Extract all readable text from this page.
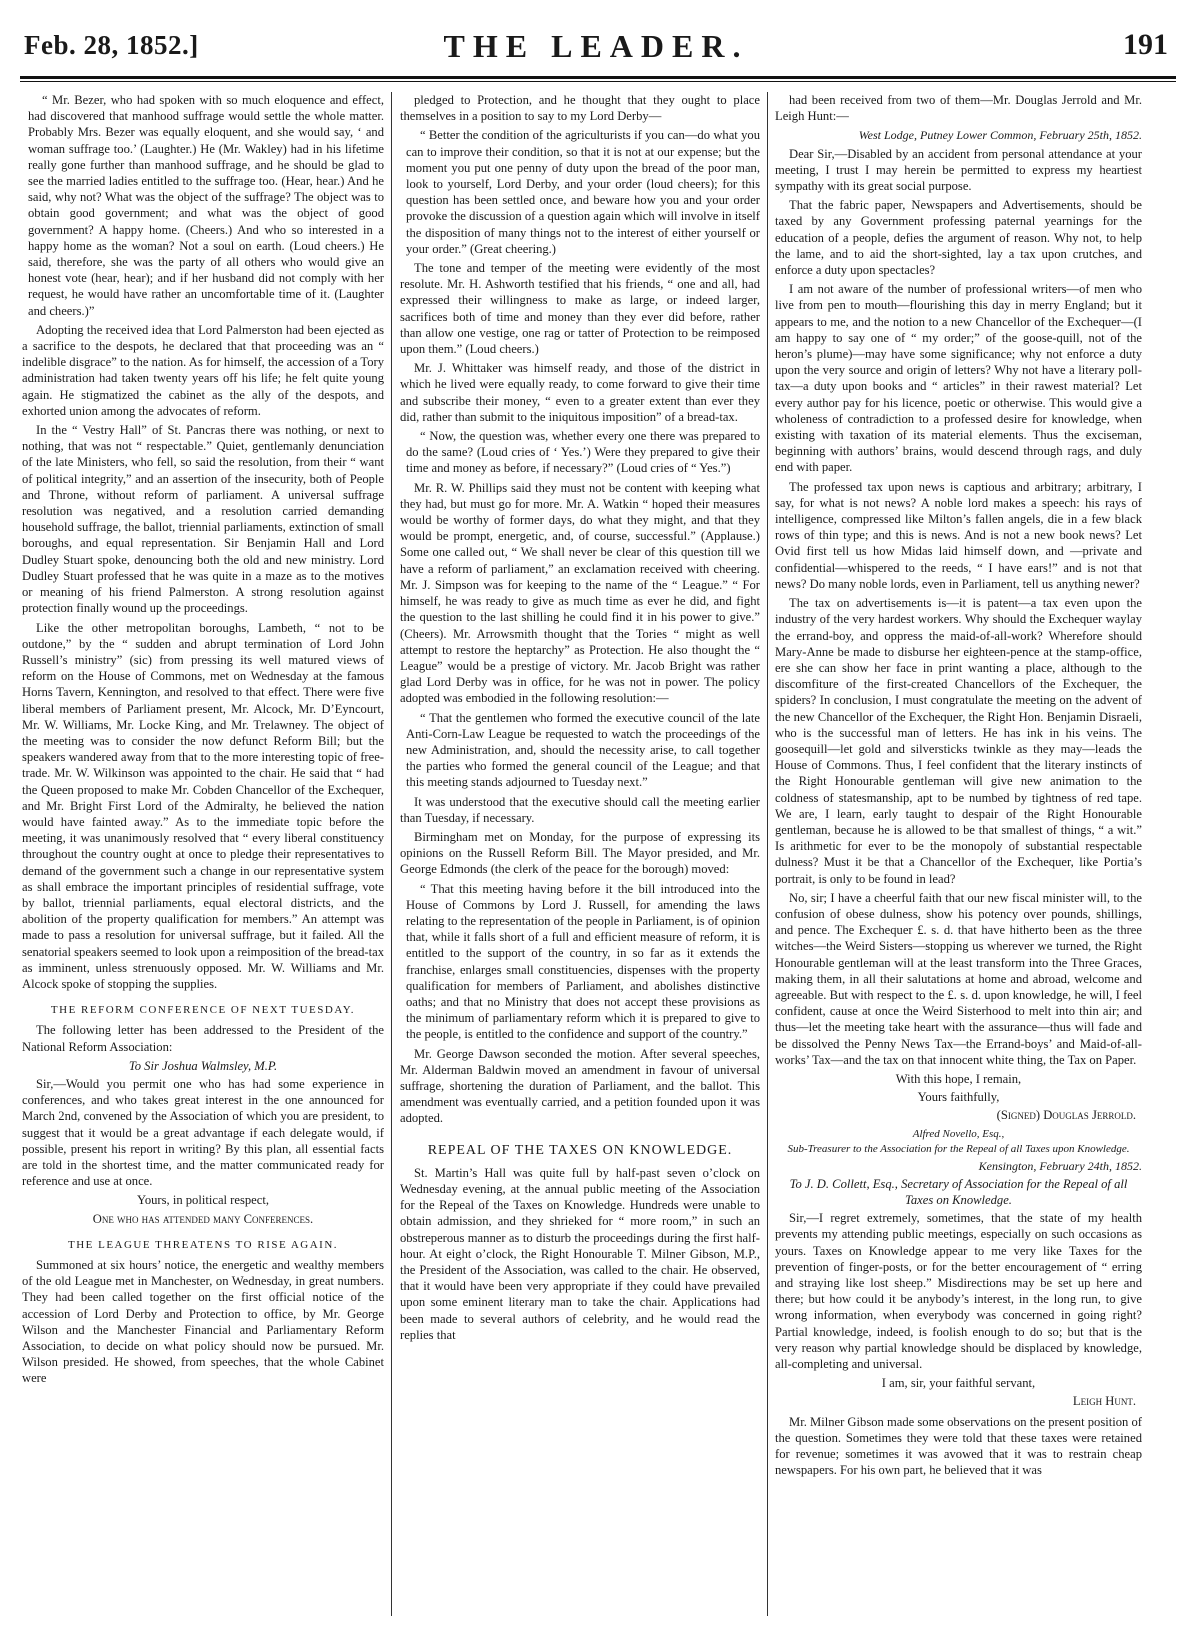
Feb. 28, 1852.]	THE LEADER.	191

“ Mr. Bezer, who had spoken with so much eloquence and effect, had discovered that manhood suffrage would settle the whole matter. Probably Mrs. Bezer was equally eloquent, and she would say, ‘ and woman suffrage too.’ (Laughter.) He (Mr. Wakley) had in his lifetime really gone further than manhood suffrage, and he should be glad to see the married ladies entitled to the suffrage too. (Hear, hear.) And he said, why not? What was the object of the suffrage? The object was to obtain good government; and what was the object of good government? A happy home. (Cheers.) And who so interested in a happy home as the woman? Not a soul on earth. (Loud cheers.) He said, therefore, she was the party of all others who would give an honest vote (hear, hear); and if her husband did not comply with her request, he would have rather an uncomfortable time of it. (Laughter and cheers.)”

Adopting the received idea that Lord Palmerston had been ejected as a sacrifice to the despots, he declared that that proceeding was an “ indelible disgrace” to the nation. As for himself, the accession of a Tory administration had taken twenty years off his life; he felt quite young again. He stigmatized the cabinet as the ally of the despots, and exhorted union among the advocates of reform.

In the “ Vestry Hall” of St. Pancras there was nothing, or next to nothing, that was not “ respectable.” Quiet, gentlemanly denunciation of the late Ministers, who fell, so said the resolution, from their “ want of political integrity,” and an assertion of the insecurity, both of People and Throne, without reform of parliament. A universal suffrage resolution was negatived, and a resolution carried demanding household suffrage, the ballot, triennial parliaments, extinction of small boroughs, and equal representation. Sir Benjamin Hall and Lord Dudley Stuart spoke, denouncing both the old and new ministry. Lord Dudley Stuart professed that he was quite in a maze as to the motives or meaning of his friend Palmerston. A strong resolution against protection finally wound up the proceedings.

Like the other metropolitan boroughs, Lambeth, “ not to be outdone,” by the “ sudden and abrupt termination of Lord John Russell’s ministry” (sic) from pressing its well matured views of reform on the House of Commons, met on Wednesday at the famous Horns Tavern, Kennington, and resolved to that effect. There were five liberal members of Parliament present, Mr. Alcock, Mr. D’Eyncourt, Mr. W. Williams, Mr. Locke King, and Mr. Trelawney. The object of the meeting was to consider the now defunct Reform Bill; but the speakers wandered away from that to the more interesting topic of free-trade. Mr. W. Wilkinson was appointed to the chair. He said that “ had the Queen proposed to make Mr. Cobden Chancellor of the Exchequer, and Mr. Bright First Lord of the Admiralty, he believed the nation would have fainted away.” As to the immediate topic before the meeting, it was unanimously resolved that “ every liberal constituency throughout the country ought at once to pledge their representatives to demand of the government such a change in our representative system as shall embrace the important principles of residential suffrage, vote by ballot, triennial parliaments, equal electoral districts, and the abolition of the property qualification for members.” An attempt was made to pass a resolution for universal suffrage, but it failed. All the senatorial speakers seemed to look upon a reimposition of the bread-tax as imminent, unless strenuously opposed. Mr. W. Williams and Mr. Alcock spoke of stopping the supplies.

THE REFORM CONFERENCE OF NEXT TUESDAY.

The following letter has been addressed to the President of the National Reform Association:

To Sir Joshua Walmsley, M.P.

Sir,—Would you permit one who has had some experience in conferences, and who takes great interest in the one announced for March 2nd, convened by the Association of which you are president, to suggest that it would be a great advantage if each delegate would, if possible, present his report in writing? By this plan, all essential facts are told in the shortest time, and the matter communicated ready for reference and use at once.

Yours, in political respect,
One who has attended many Conferences.
THE LEAGUE THREATENS TO RISE AGAIN.

Summoned at six hours’ notice, the energetic and wealthy members of the old League met in Manchester, on Wednesday, in great numbers. They had been called together on the first official notice of the accession of Lord Derby and Protection to office, by Mr. George Wilson and the Manchester Financial and Parliamentary Reform Association, to decide on what policy should now be pursued. Mr. Wilson presided. He showed, from speeches, that the whole Cabinet were

pledged to Protection, and he thought that they ought to place themselves in a position to say to my Lord Derby—

“ Better the condition of the agriculturists if you can—do what you can to improve their condition, so that it is not at our expense; but the moment you put one penny of duty upon the bread of the poor man, look to yourself, Lord Derby, and your order (loud cheers); for this question has been settled once, and beware how you and your order provoke the discussion of a question again which will involve in itself the disposition of many things not to the interest of either yourself or your order.” (Great cheering.)

The tone and temper of the meeting were evidently of the most resolute. Mr. H. Ashworth testified that his friends, “ one and all, had expressed their willingness to make as large, or indeed larger, sacrifices both of time and money than they ever did before, rather than allow one vestige, one rag or tatter of Protection to be reimposed upon them.” (Loud cheers.)

Mr. J. Whittaker was himself ready, and those of the district in which he lived were equally ready, to come forward to give their time and subscribe their money, “ even to a greater extent than ever they did, rather than submit to the iniquitous imposition” of a bread-tax.

“ Now, the question was, whether every one there was prepared to do the same? (Loud cries of ‘ Yes.’) Were they prepared to give their time and money as before, if necessary?” (Loud cries of “ Yes.”)

Mr. R. W. Phillips said they must not be content with keeping what they had, but must go for more. Mr. A. Watkin “ hoped their measures would be worthy of former days, do what they might, and that they would be prompt, energetic, and, of course, successful.” (Applause.) Some one called out, “ We shall never be clear of this question till we have a reform of parliament,” an exclamation received with cheering. Mr. J. Simpson was for keeping to the name of the “ League.” “ For himself, he was ready to give as much time as ever he did, and fight the question to the last shilling he could find it in his power to give.” (Cheers). Mr. Arrowsmith thought that the Tories “ might as well attempt to restore the heptarchy” as Protection. He also thought the “ League” would be a prestige of victory. Mr. Jacob Bright was rather glad Lord Derby was in office, for he was not in power. The policy adopted was embodied in the following resolution:—

“ That the gentlemen who formed the executive council of the late Anti-Corn-Law League be requested to watch the proceedings of the new Administration, and, should the necessity arise, to call together the parties who formed the general council of the League; and that this meeting stands adjourned to Tuesday next.”

It was understood that the executive should call the meeting earlier than Tuesday, if necessary.

Birmingham met on Monday, for the purpose of expressing its opinions on the Russell Reform Bill. The Mayor presided, and Mr. George Edmonds (the clerk of the peace for the borough) moved:

“ That this meeting having before it the bill introduced into the House of Commons by Lord J. Russell, for amending the laws relating to the representation of the people in Parliament, is of opinion that, while it falls short of a full and efficient measure of reform, it is entitled to the support of the country, in so far as it extends the franchise, enlarges small constituencies, dispenses with the property qualification for members of Parliament, and abolishes distinctive oaths; and that no Ministry that does not accept these provisions as the minimum of parliamentary reform which it is prepared to give to the people, is entitled to the confidence and support of the country.”

Mr. George Dawson seconded the motion. After several speeches, Mr. Alderman Baldwin moved an amendment in favour of universal suffrage, shortening the duration of Parliament, and the ballot. This amendment was eventually carried, and a petition founded upon it was adopted.

REPEAL OF THE TAXES ON KNOWLEDGE.

St. Martin’s Hall was quite full by half-past seven o’clock on Wednesday evening, at the annual public meeting of the Association for the Repeal of the Taxes on Knowledge. Hundreds were unable to obtain admission, and they shrieked for “ more room,” in such an obstreperous manner as to disturb the proceedings during the first half-hour. At eight o’clock, the Right Honourable T. Milner Gibson, M.P., the President of the Association, was called to the chair. He observed, that it would have been very appropriate if they could have prevailed upon some eminent literary man to take the chair. Applications had been made to several authors of celebrity, and he would read the replies that

had been received from two of them—Mr. Douglas Jerrold and Mr. Leigh Hunt:—

West Lodge, Putney Lower Common, February 25th, 1852.

Dear Sir,—Disabled by an accident from personal attendance at your meeting, I trust I may herein be permitted to express my heartiest sympathy with its great social purpose.

That the fabric paper, Newspapers and Advertisements, should be taxed by any Government professing paternal yearnings for the education of a people, defies the argument of reason. Why not, to help the lame, and to aid the short-sighted, lay a tax upon crutches, and enforce a duty upon spectacles?

I am not aware of the number of professional writers—of men who live from pen to mouth—flourishing this day in merry England; but it appears to me, and the notion to a new Chancellor of the Exchequer—(I am happy to say one of “ my order;” of the goose-quill, not of the heron’s plume)—may have some significance; why not enforce a duty upon the very source and origin of letters? Why not have a literary poll-tax—a duty upon books and “ articles” in their rawest material? Let every author pay for his licence, poetic or otherwise. This would give a wholeness of contradiction to a professed desire for knowledge, when existing with taxation of its material elements. Thus the exciseman, beginning with authors’ brains, would descend through rags, and duly end with paper.

The professed tax upon news is captious and arbitrary; arbitrary, I say, for what is not news? A noble lord makes a speech: his rays of intelligence, compressed like Milton’s fallen angels, die in a few black rows of thin type; and this is news. And is not a new book news? Let Ovid first tell us how Midas laid himself down, and —private and confidential—whispered to the reeds, “ I have ears!” and is not that news? Do many noble lords, even in Parliament, tell us anything newer?

The tax on advertisements is—it is patent—a tax even upon the industry of the very hardest workers. Why should the Exchequer waylay the errand-boy, and oppress the maid-of-all-work? Wherefore should Mary-Anne be made to disburse her eighteen-pence at the stamp-office, ere she can show her face in print wanting a place, although to the discomfiture of the first-created Chancellors of the Exchequer, the spiders? In conclusion, I must congratulate the meeting on the advent of the new Chancellor of the Exchequer, the Right Hon. Benjamin Disraeli, who is the successful man of letters. He has ink in his veins. The goosequill—let gold and silversticks twinkle as they may—leads the House of Commons. Thus, I feel confident that the literary instincts of the Right Honourable gentleman will give new animation to the coldness of statesmanship, apt to be numbed by tightness of red tape. We are, I learn, early taught to despair of the Right Honourable gentleman, because he is allowed to be that smallest of things, “ a wit.” Is arithmetic for ever to be the monopoly of substantial respectable dulness? Must it be that a Chancellor of the Exchequer, like Portia’s portrait, is only to be found in lead?

No, sir; I have a cheerful faith that our new fiscal minister will, to the confusion of obese dulness, show his potency over pounds, shillings, and pence. The Exchequer £. s. d. that have hitherto been as the three witches—the Weird Sisters—stopping us wherever we turned, the Right Honourable gentleman will at the least transform into the Three Graces, making them, in all their salutations at home and abroad, welcome and agreeable. But with respect to the £. s. d. upon knowledge, he will, I feel confident, cause at once the Weird Sisterhood to melt into thin air; and thus—let the meeting take heart with the assurance—thus will fade and be dissolved the Penny News Tax—the Errand-boys’ and Maid-of-all-works’ Tax—and the tax on that innocent white thing, the Tax on Paper.

With this hope, I remain,
Yours faithfully,
(Signed) Douglas Jerrold.
Alfred Novello, Esq.,
Sub-Treasurer to the Association for the Repeal of all Taxes upon Knowledge.
Kensington, February 24th, 1852.
To J. D. Collett, Esq., Secretary of Association for the Repeal of all Taxes on Knowledge.

Sir,—I regret extremely, sometimes, that the state of my health prevents my attending public meetings, especially on such occasions as yours. Taxes on Knowledge appear to me very like Taxes for the prevention of finger-posts, or for the better encouragement of “ erring and straying like lost sheep.” Misdirections may be set up here and there; but how could it be anybody’s interest, in the long run, to give wrong information, when everybody was concerned in going right? Partial knowledge, indeed, is foolish enough to do so; but that is the very reason why partial knowledge should be displaced by knowledge, all-completing and universal.

I am, sir, your faithful servant,
Leigh Hunt.

Mr. Milner Gibson made some observations on the present position of the question. Sometimes they were told that these taxes were retained for revenue; sometimes it was avowed that it was to restrain cheap newspapers. For his own part, he believed that it was
